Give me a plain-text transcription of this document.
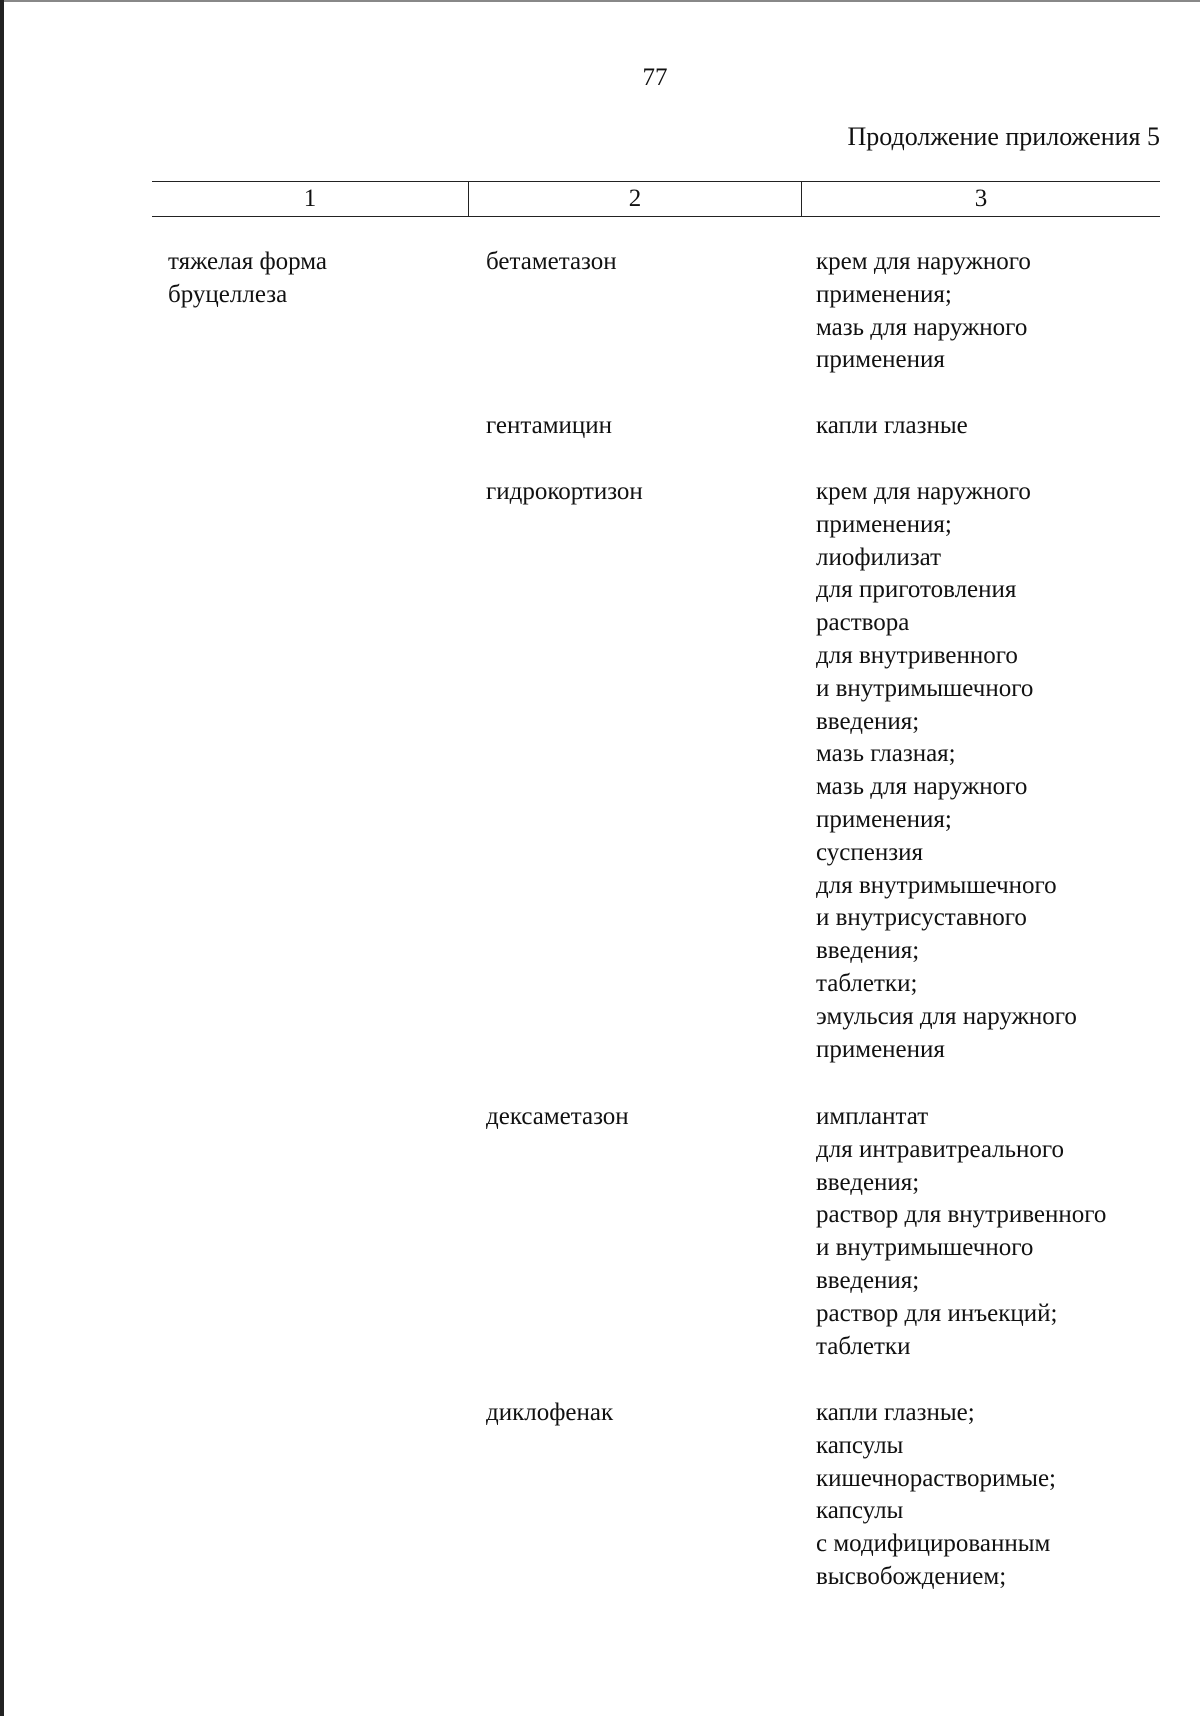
77
Продолжение приложения 5
1	2	3
тяжелая форма
бруцеллеза
бетаметазон	крем для наружного
применения;
мазь для наружного
применения
гентамицин	капли глазные
гидрокортизон	крем для наружного
применения;
лиофилизат
для приготовления
раствора
для внутривенного
и внутримышечного
введения;
мазь глазная;
мазь для наружного
применения;
суспензия
для внутримышечного
и внутрисуставного
введения;
таблетки;
эмульсия для наружного
применения
дексаметазон	имплантат
для интравитреального
введения;
раствор для внутривенного
и внутримышечного
введения;
раствор для инъекций;
таблетки
диклофенак	капли глазные;
капсулы
кишечнорастворимые;
капсулы
с модифицированным
высвобождением;
